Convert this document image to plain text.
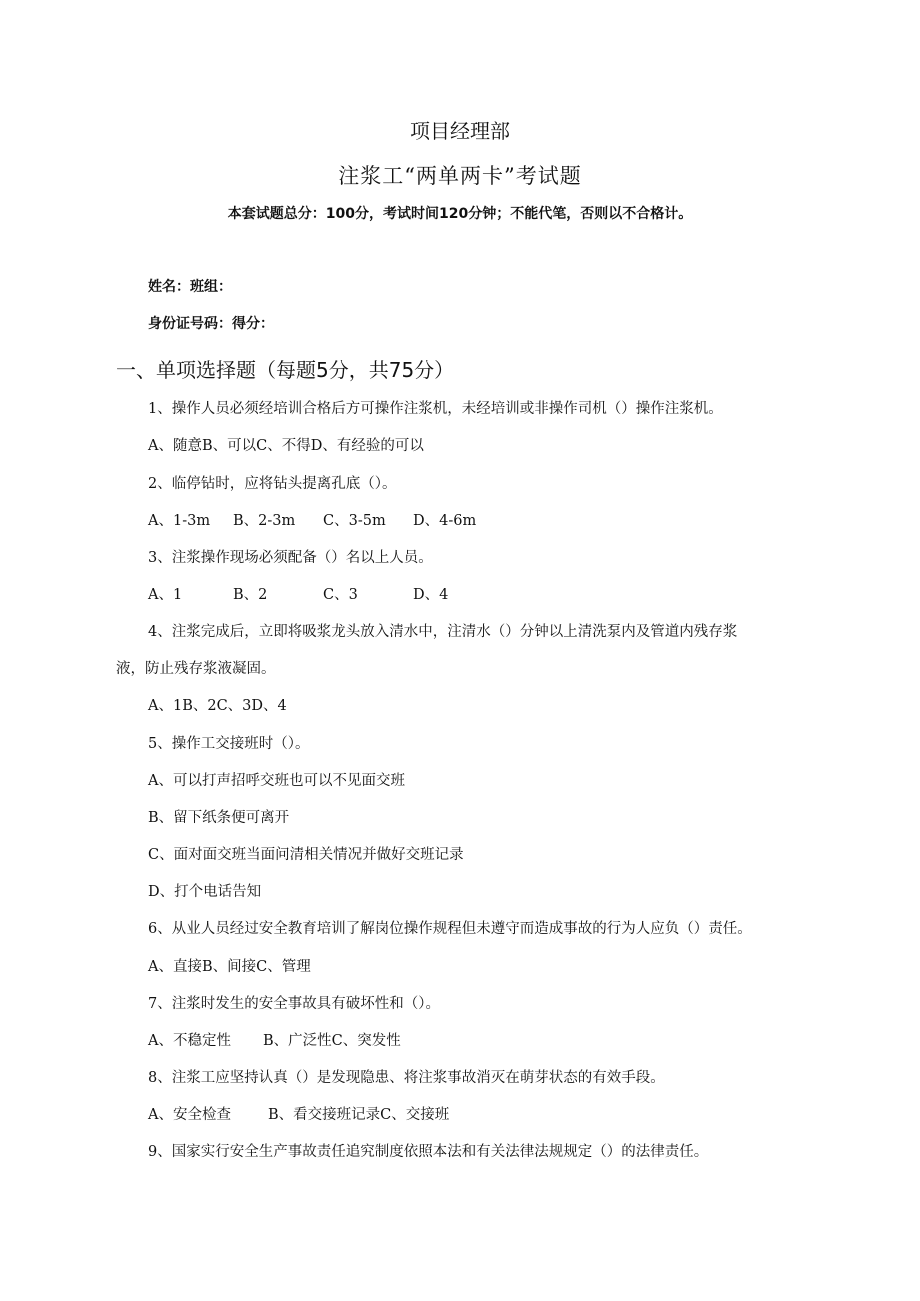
项目经理部
注浆工“两单两卡”考试题
本套试题总分：100分，考试时间120分钟；不能代笔，否则以不合格计。
姓名：班组：
身份证号码：得分：
一、单项选择题（每题5分，共75分）
1、操作人员必须经培训合格后方可操作注浆机，未经培训或非操作司机（）操作注浆机。
A、随意B、可以C、不得D、有经验的可以
2、临停钻时，应将钻头提离孔底（）。
A、1-3m B、2-3m C、3-5m D、4-6m
3、注浆操作现场必须配备（）名以上人员。
A、1	B、2	C、3	D、4
4、注浆完成后，立即将吸浆龙头放入清水中，注清水（）分钟以上清洗泵内及管道内残存浆
液，防止残存浆液凝固。
A、1B、2C、3D、4
5、操作工交接班时（）。
A、可以打声招呼交班也可以不见面交班
B、留下纸条便可离开
C、面对面交班当面问清相关情况并做好交班记录
D、打个电话告知
6、从业人员经过安全教育培训了解岗位操作规程但未遵守而造成事故的行为人应负（）责任。
A、直接B、间接C、管理
7、注浆时发生的安全事故具有破坏性和（）。
A、不稳定性 B、广泛性C、突发性
8、注浆工应坚持认真（）是发现隐患、将注浆事故消灭在萌芽状态的有效手段。
A、安全检查	B、看交接班记录C、交接班
9、国家实行安全生产事故责任追究制度依照本法和有关法律法规规定（）的法律责任。
